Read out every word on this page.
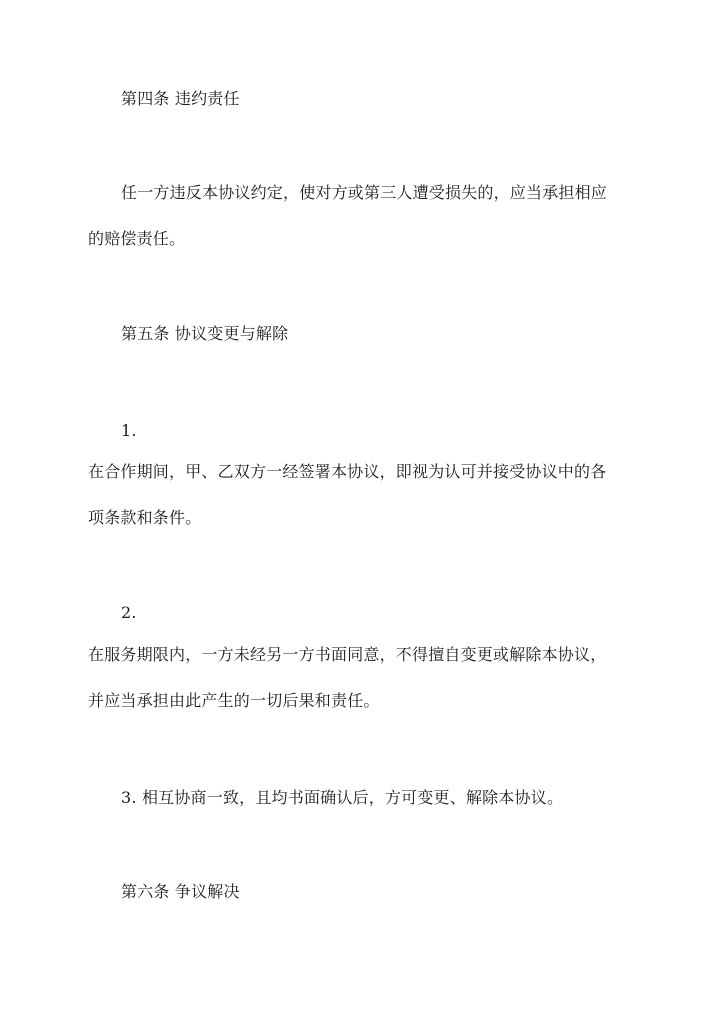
第四条 违约责任
任一方违反本协议约定，使对方或第三人遭受损失的，应当承担相应
的赔偿责任。
第五条 协议变更与解除
1.
在合作期间，甲、乙双方一经签署本协议，即视为认可并接受协议中的各
项条款和条件。
2.
在服务期限内，一方未经另一方书面同意，不得擅自变更或解除本协议，
并应当承担由此产生的一切后果和责任。
3. 相互协商一致，且均书面确认后，方可变更、解除本协议。
第六条 争议解决
